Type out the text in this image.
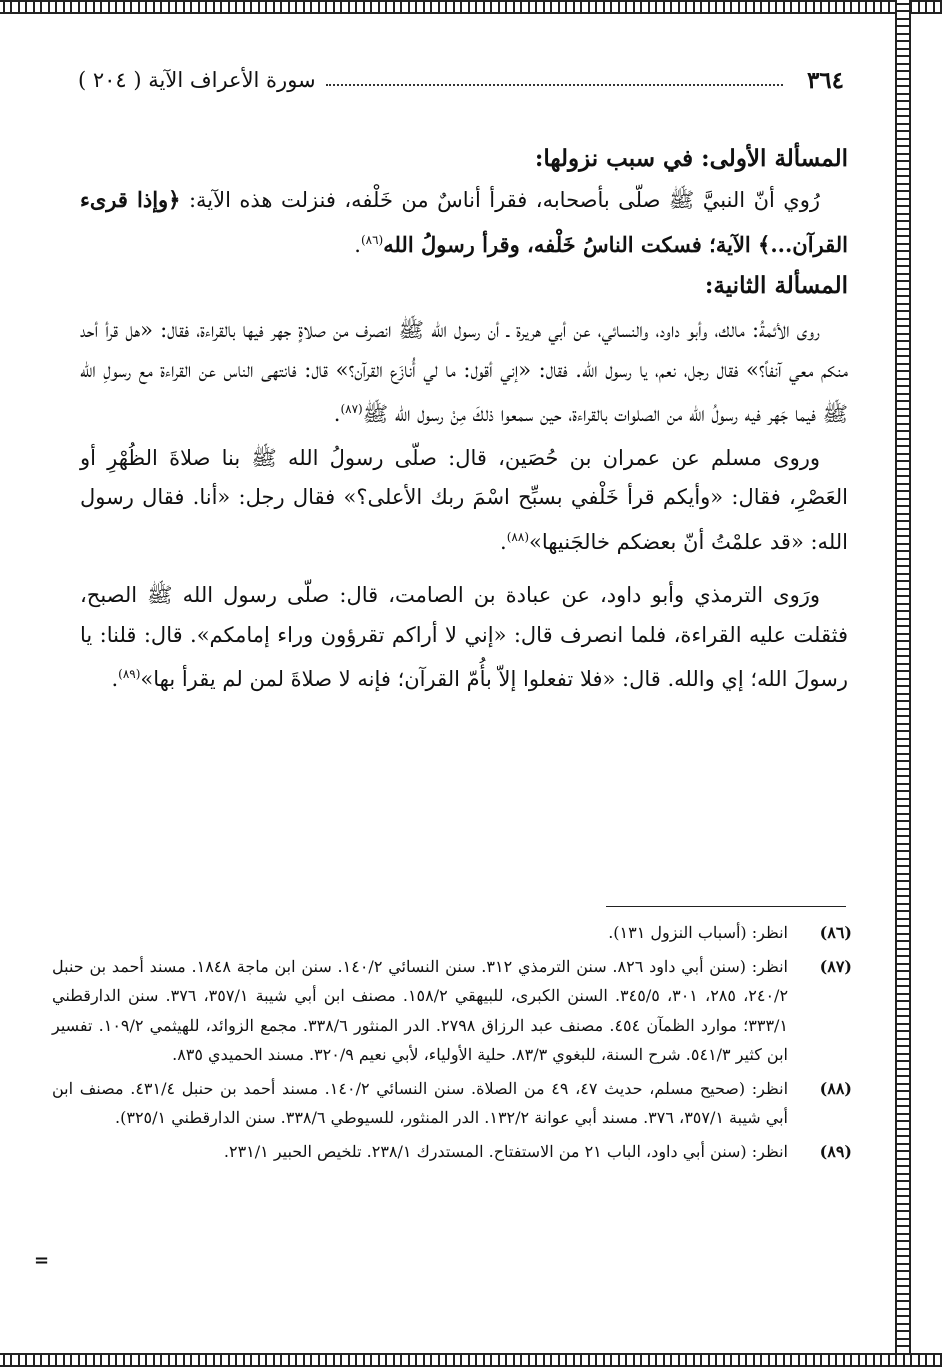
٣٦٤
سورة الأعراف الآية ( ٢٠٤ )
المسألة الأولى: في سبب نزولها:

رُوي أنّ النبيَّ ﷺ صلّى بأصحابه، فقرأ أناسٌ من خَلْفه، فنزلت هذه الآية: ﴿وإذا قرىء القرآن...﴾ الآية؛ فسكت الناسُ خَلْفه، وقرأ رسولُ الله$^{(٨٦)}$.

المسألة الثانية:

روى الأئمةُ: مالك، وأبو داود، والنسائي، عن أبي هريرة ـ أن رسول الله ﷺ انصرف من صلاةٍ جهر فيها بالقراءة، فقال: «هل قرأ أحد منكم معي آنفاً؟» فقال رجل، نعم، يا رسول الله. فقال: «إني أقول: ما لي أُنازَع القرآن؟» قال: فانتهى الناس عن القراءة مع رسولِ الله ﷺ فيما جَهر فيه رسولُ الله من الصلوات بالقراءة، حين سمعوا ذلكَ مِنْ رسول الله ﷺ$^{(٨٧)}$.

وروى مسلم عن عمران بن حُصَين، قال: صلّى رسولُ الله ﷺ بنا صلاةَ الظُهْرِ أو العَصْرِ، فقال: «وأيكم قرأ خَلْفي بسبِّح اسْمَ ربك الأعلى؟» فقال رجل: «أنا. فقال رسول الله: «قد علمْتُ أنّ بعضكم خالجَنيها»$^{(٨٨)}$.

ورَوى الترمذي وأبو داود، عن عبادة بن الصامت، قال: صلّى رسول الله ﷺ الصبح، فثقلت عليه القراءة، فلما انصرف قال: «إني لا أراكم تقرؤون وراء إمامكم». قال: قلنا: يا رسولَ الله؛ إي والله. قال: «فلا تفعلوا إلاّ بأُمّ القرآن؛ فإنه لا صلاةَ لمن لم يقرأ بها»$^{(٨٩)}$.

(٨٦)
انظر: (أسباب النزول ١٣١).
(٨٧)
انظر: (سنن أبي داود ٨٢٦. سنن الترمذي ٣١٢. سنن النسائي ١٤٠/٢. سنن ابن ماجة ١٨٤٨. مسند أحمد بن حنبل ٢٤٠/٢، ٢٨٥، ٣٠١، ٣٤٥/٥. السنن الكبرى، للبيهقي ١٥٨/٢. مصنف ابن أبي شيبة ٣٥٧/١، ٣٧٦. سنن الدارقطني ٣٣٣/١؛ موارد الظمآن ٤٥٤. مصنف عبد الرزاق ٢٧٩٨. الدر المنثور ٣٣٨/٦. مجمع الزوائد، للهيثمي ١٠٩/٢. تفسير ابن كثير ٥٤١/٣. شرح السنة، للبغوي ٨٣/٣. حلية الأولياء، لأبي نعيم ٣٢٠/٩. مسند الحميدي ٨٣٥.
(٨٨)
انظر: (صحيح مسلم، حديث ٤٧، ٤٩ من الصلاة. سنن النسائي ١٤٠/٢. مسند أحمد بن حنبل ٤٣١/٤. مصنف ابن أبي شيبة ٣٥٧/١، ٣٧٦. مسند أبي عوانة ١٣٢/٢. الدر المنثور، للسيوطي ٣٣٨/٦. سنن الدارقطني ٣٢٥/١).
(٨٩)
انظر: (سنن أبي داود، الباب ٢١ من الاستفتاح. المستدرك ٢٣٨/١. تلخيص الحبير ٢٣١/١.
=
